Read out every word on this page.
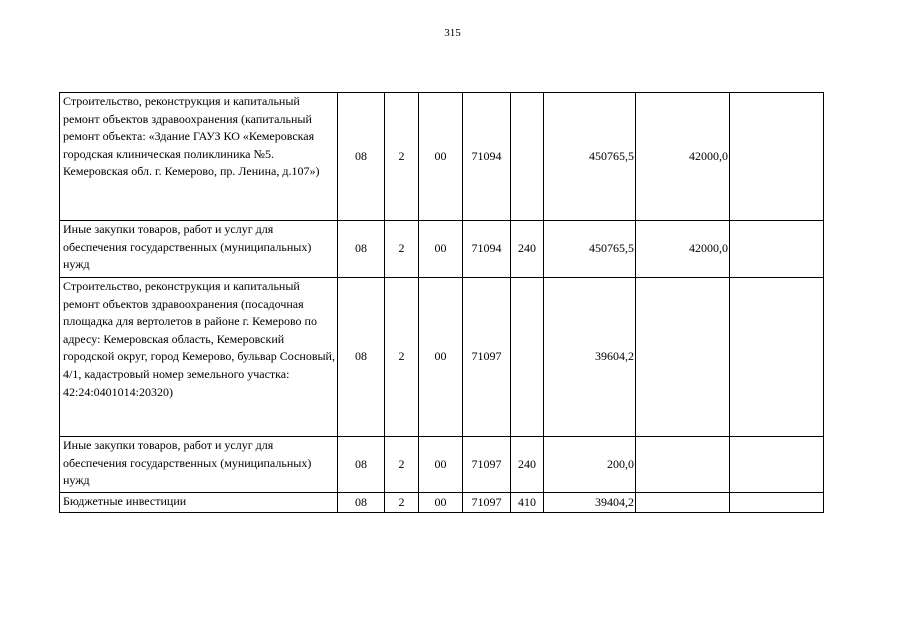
315
Строительство, реконструкция и капитальный ремонт объектов здравоохранения (капитальный ремонт объекта: «Здание ГАУЗ КО «Кемеровская городская клиническая поликлиника №5. Кемеровская обл. г. Кемерово, пр. Ленина, д.107»)	08	2	00	71094		450765,5	42000,0	
Иные закупки товаров, работ и услуг для обеспечения государственных (муниципальных) нужд	08	2	00	71094	240	450765,5	42000,0	
Строительство, реконструкция и капитальный ремонт объектов здравоохранения (посадочная площадка для вертолетов в районе г. Кемерово по адресу: Кемеровская область, Кемеровский городской округ, город Кемерово, бульвар Сосновый, 4/1, кадастровый номер земельного участка: 42:24:0401014:20320)	08	2	00	71097		39604,2		
Иные закупки товаров, работ и услуг для обеспечения государственных (муниципальных) нужд	08	2	00	71097	240	200,0		
Бюджетные инвестиции	08	2	00	71097	410	39404,2		
